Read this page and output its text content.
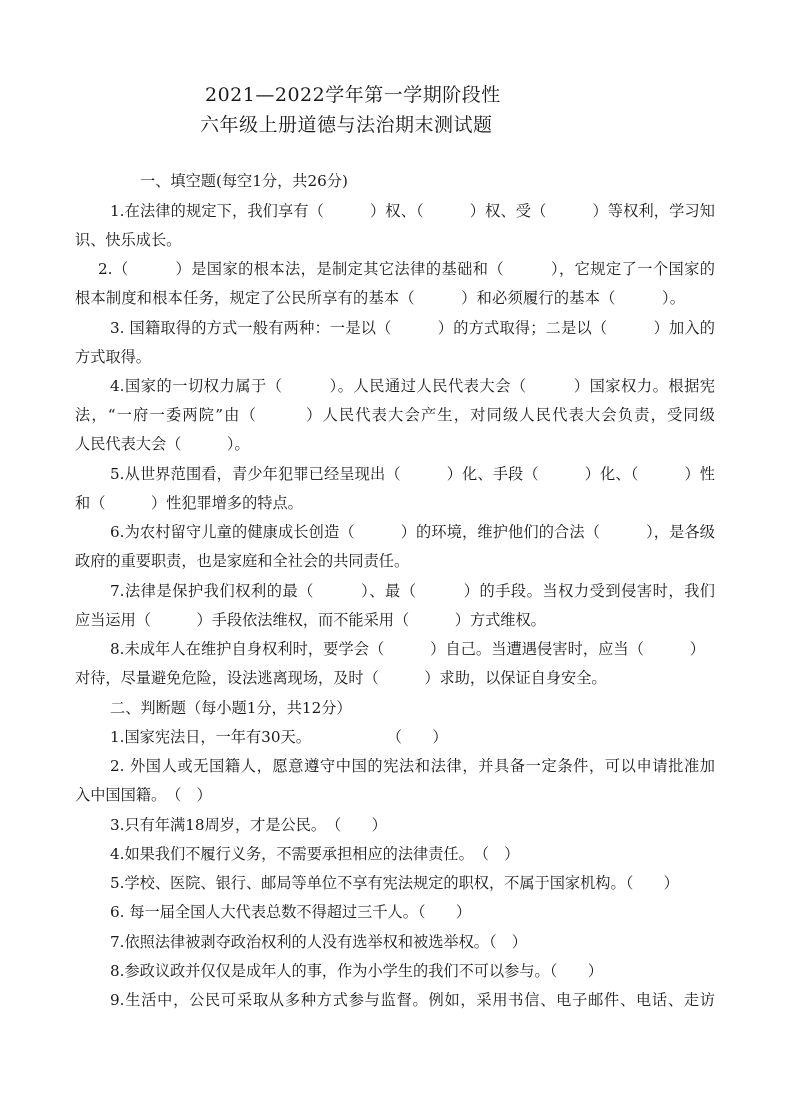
2021—2022学年第一学期阶段性
六年级上册道德与法治期末测试题
一、填空题(每空1分，共26分)
1.在法律的规定下，我们享有（　　　）权、（　　　）权、受（　　　）等权利，学习知
识、快乐成长。
2.（　　　）是国家的根本法，是制定其它法律的基础和（　　　），它规定了一个国家的
根本制度和根本任务，规定了公民所享有的基本（　　　）和必须履行的基本（　　　）。
3. 国籍取得的方式一般有两种：一是以（　　　）的方式取得；二是以（　　　）加入的
方式取得。
4.国家的一切权力属于（　　　）。人民通过人民代表大会（　　　）国家权力。根据宪
法，“一府一委两院”由（　　　）人民代表大会产生，对同级人民代表大会负责，受同级
人民代表大会（　　　）。
5.从世界范围看，青少年犯罪已经呈现出（　　　）化、手段（　　　）化、（　　　）性
和（　　　）性犯罪增多的特点。
6.为农村留守儿童的健康成长创造（　　　）的环境，维护他们的合法（　　　），是各级
政府的重要职责，也是家庭和全社会的共同责任。
7.法律是保护我们权利的最（　　　）、最（　　　）的手段。当权力受到侵害时，我们
应当运用（　　　）手段依法维权，而不能采用（　　　）方式维权。
8.未成年人在维护自身权利时，要学会（　　　）自己。当遭遇侵害时，应当（　　　）
对待，尽量避免危险，设法逃离现场，及时（　　　）求助，以保证自身安全。
二、判断题（每小题1分，共12分）
1.国家宪法日，一年有30天。　　　　　　（　　）
2. 外国人或无国籍人，愿意遵守中国的宪法和法律，并具备一定条件，可以申请批准加
入中国国籍。　（　）
3.只有年满18周岁，才是公民。　（　　）
4.如果我们不履行义务，不需要承担相应的法律责任。　（　）
5.学校、医院、银行、邮局等单位不享有宪法规定的职权，不属于国家机构。（　　）
6. 每一届全国人大代表总数不得超过三千人。（　　）
7.依照法律被剥夺政治权利的人没有选举权和被选举权。（　）
8.参政议政并仅仅是成年人的事，作为小学生的我们不可以参与。（　　）
9.生活中，公民可采取从多种方式参与监督。例如，采用书信、电子邮件、电话、走访
